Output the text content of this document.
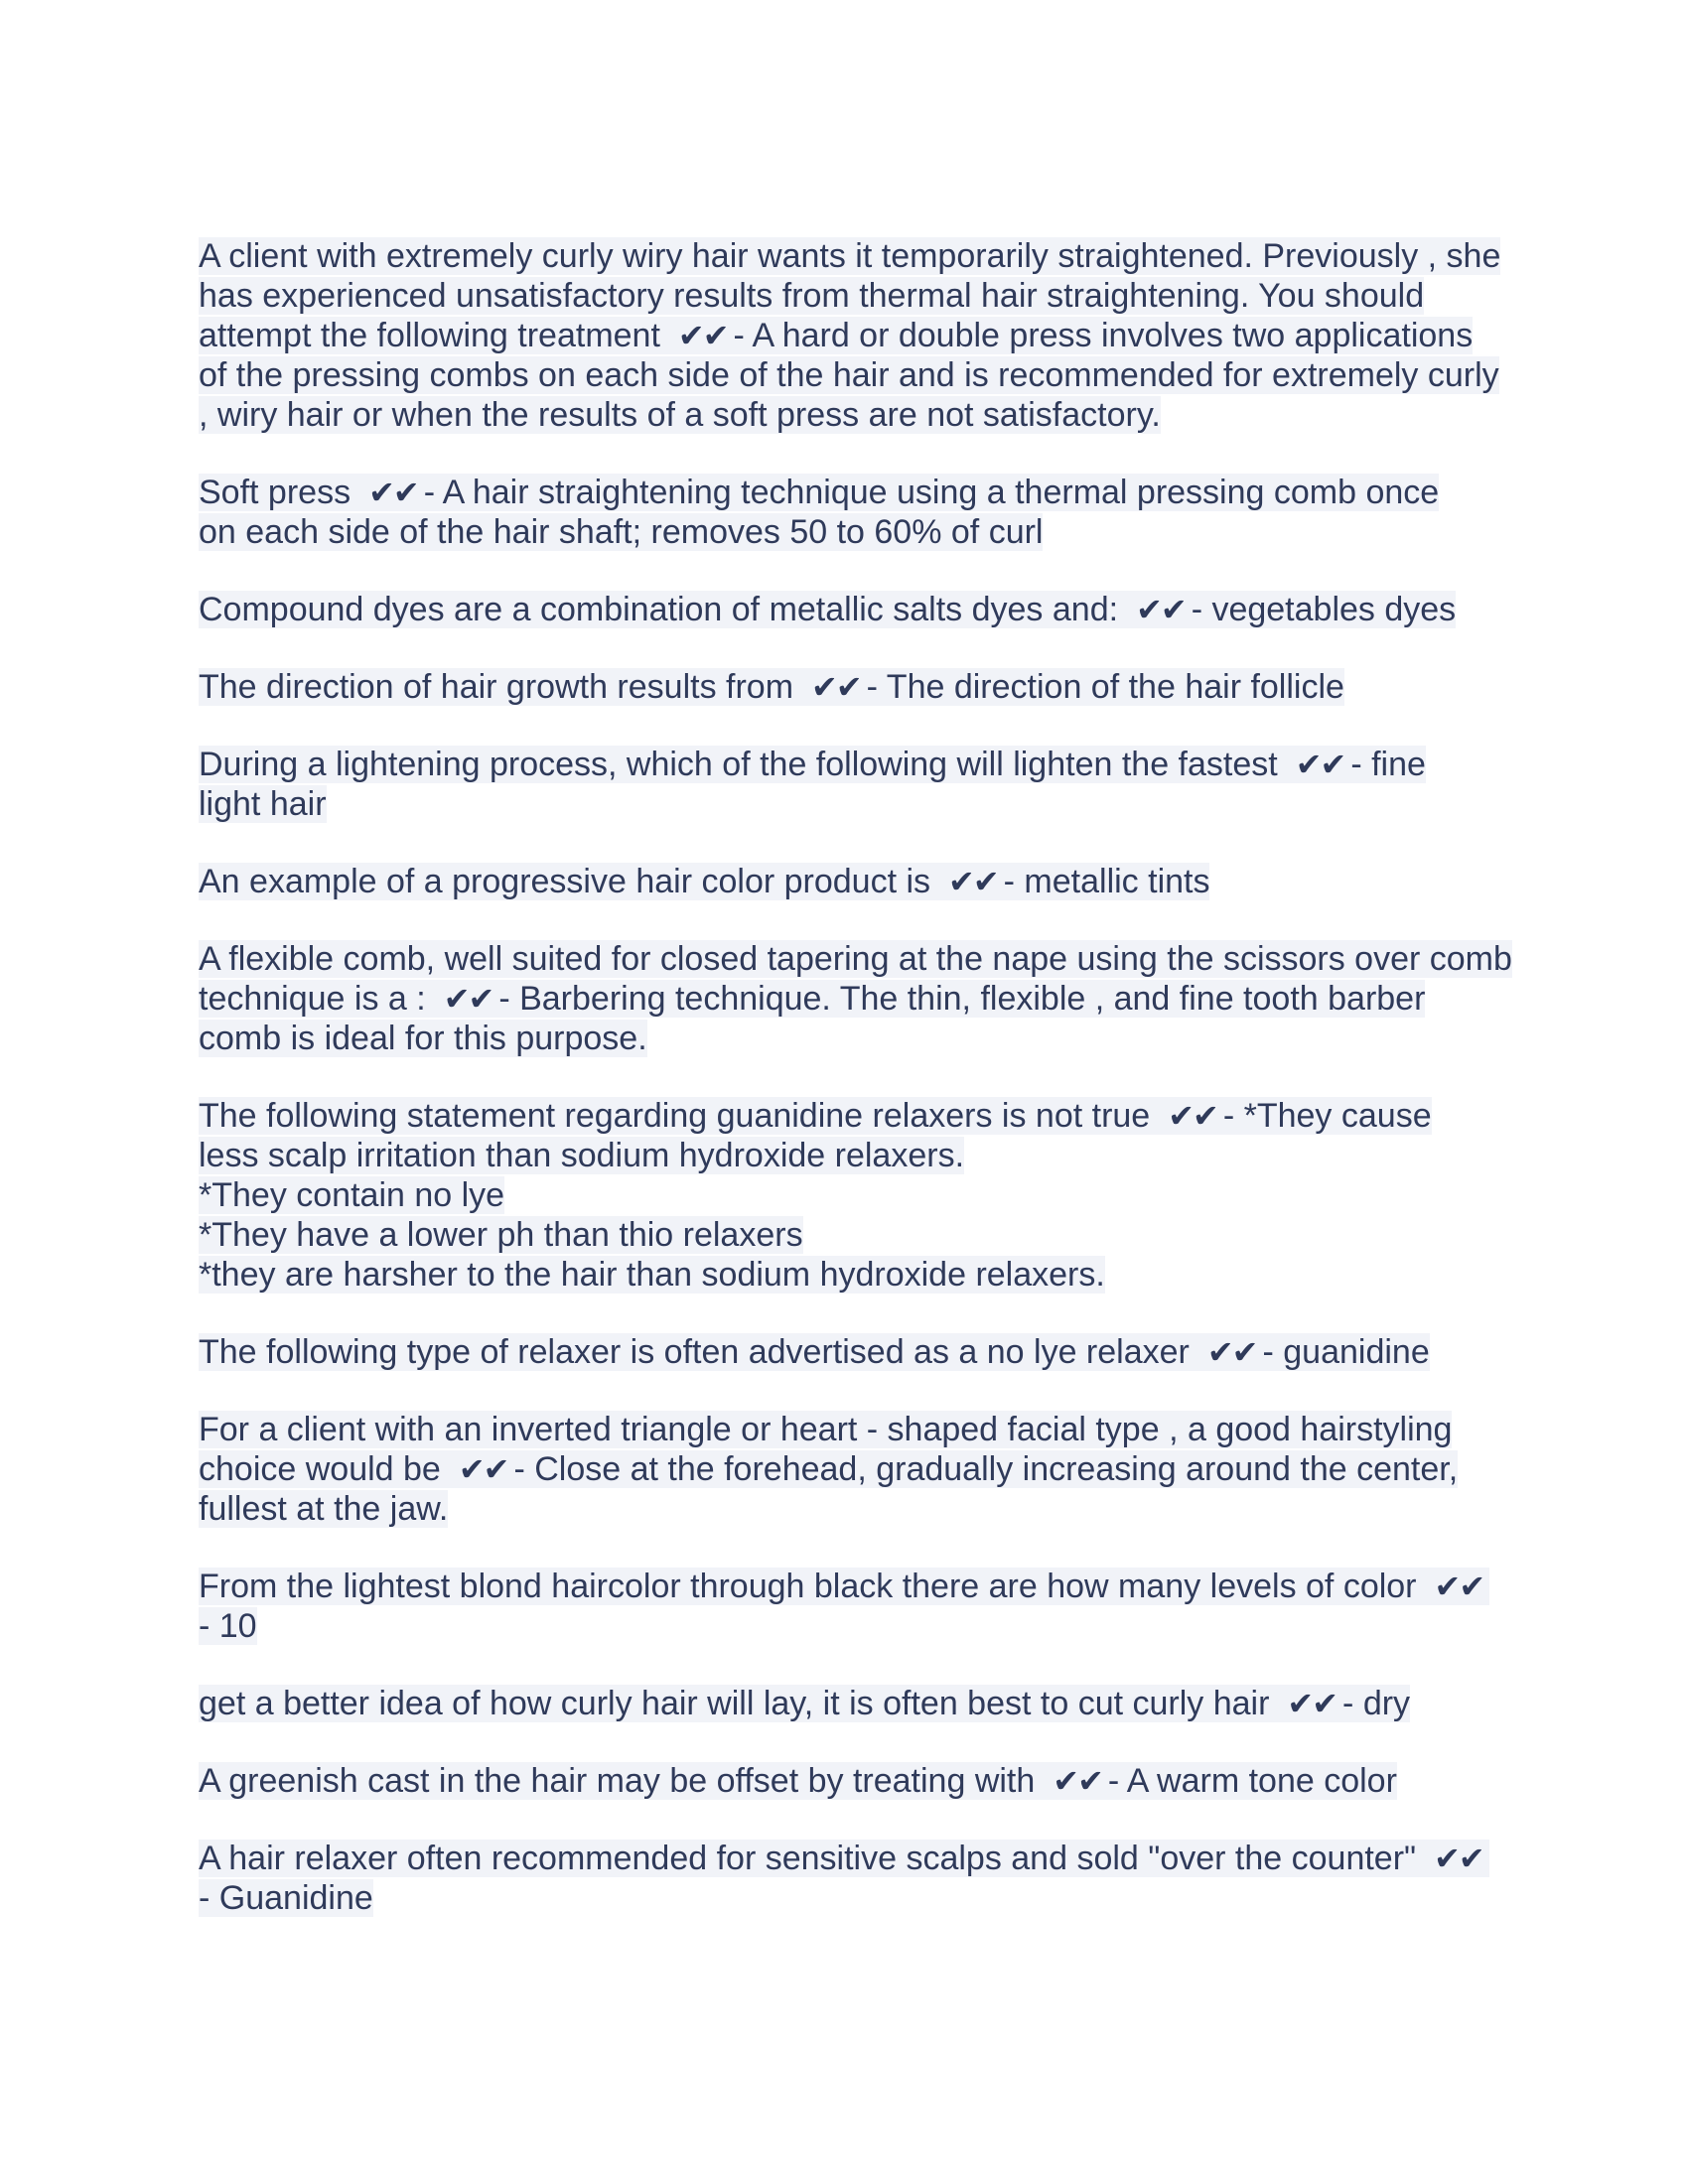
A client with extremely curly wiry hair wants it temporarily straightened. Previously , she
has experienced unsatisfactory results from thermal hair straightening. You should
attempt the following treatment ✔✔ - A hard or double press involves two applications
of the pressing combs on each side of the hair and is recommended for extremely curly
, wiry hair or when the results of a soft press are not satisfactory.
Soft press ✔✔ - A hair straightening technique using a thermal pressing comb once
on each side of the hair shaft; removes 50 to 60% of curl
Compound dyes are a combination of metallic salts dyes and: ✔✔ - vegetables dyes
The direction of hair growth results from ✔✔ - The direction of the hair follicle
During a lightening process, which of the following will lighten the fastest ✔✔ - fine
light hair
An example of a progressive hair color product is ✔✔ - metallic tints
A flexible comb, well suited for closed tapering at the nape using the scissors over comb
technique is a : ✔✔ - Barbering technique. The thin, flexible , and fine tooth barber
comb is ideal for this purpose.
The following statement regarding guanidine relaxers is not true ✔✔ - *They cause
less scalp irritation than sodium hydroxide relaxers.
*They contain no lye
*They have a lower ph than thio relaxers
*they are harsher to the hair than sodium hydroxide relaxers.
The following type of relaxer is often advertised as a no lye relaxer ✔✔ - guanidine
For a client with an inverted triangle or heart - shaped facial type , a good hairstyling
choice would be ✔✔ - Close at the forehead, gradually increasing around the center,
fullest at the jaw.
From the lightest blond haircolor through black there are how many levels of color ✔✔
- 10
get a better idea of how curly hair will lay, it is often best to cut curly hair ✔✔ - dry
A greenish cast in the hair may be offset by treating with ✔✔ - A warm tone color
A hair relaxer often recommended for sensitive scalps and sold "over the counter" ✔✔
- Guanidine
